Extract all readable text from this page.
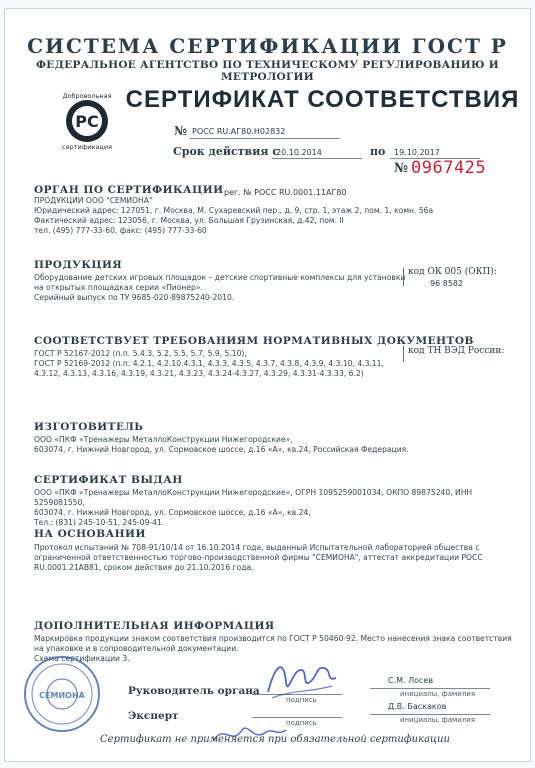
СИСТЕМА СЕРТИФИКАЦИИ ГОСТ Р
ФЕДЕРАЛЬНОЕ АГЕНТСТВО ПО ТЕХНИЧЕСКОМУ РЕГУЛИРОВАНИЮ И МЕТРОЛОГИИ
РС
Добровольная
сертификация
СЕРТИФИКАТ СООТВЕТСТВИЯ
№ РОСС RU.АГ80.Н02832
Срок действия с
20.10.2014	по 19.10.2017
№ 0967425
ОРГАН ПО СЕРТИФИКАЦИИ рег. № РОСС RU.0001.11АГ80
ПРОДУКЦИИ ООО "СЕМИОНА"
Юридический адрес: 127051, г. Москва, М. Сухаревский пер., д. 9, стр. 1, этаж 2, пом. 1, комн. 56а
Фактический адрес: 123056, г. Москва, ул. Большая Грузинская, д.42, пом. II
тел. (495) 777-33-60, факс: (495) 777-33-60
ПРОДУКЦИЯ
Оборудование детских игровых площадок – детские спортивные комплексы для установки
на открытых площадках серии «Пионер».
Серийный выпуск по ТУ 9685-020-89875240-2010.
код ОК 005 (ОКП):
96 8582
СООТВЕТСТВУЕТ ТРЕБОВАНИЯМ НОРМАТИВНЫХ ДОКУМЕНТОВ
ГОСТ Р 52167-2012 (п.п. 5.4.3, 5.2, 5.5, 5.7, 5.9, 5.10),
ГОСТ Р 52169-2012 (п.п. 4.2.1, 4.2.10,4.3.1, 4.3.3, 4.3.5, 4.3.7, 4.3.8, 4.3.9, 4.3.10, 4.3.11,
4.3.12, 4.3.13, 4.3.16, 4.3.19, 4.3.21, 4.3.23, 4.3.24-4.3.27, 4.3.29, 4.3.31-4.3.33, 6.2)
код ТН ВЭД России:
ИЗГОТОВИТЕЛЬ
ООО «ПКФ «Тренажеры МеталлоКонструкции Нижегородские»,
603074, г. Нижний Новгород, ул. Сормовское шоссе, д.16 «А», кв.24, Российская Федерация.
СЕРТИФИКАТ ВЫДАН
ООО «ПКФ «Тренажеры МеталлоКонструкции Нижегородские», ОГРН 1095259001034, ОКПО 89875240, ИНН
5259081550,
603074, г. Нижний Новгород, ул. Сормовское шоссе, д.16 «А», кв.24,
Тел.: (831) 245-10-51, 245-09-41.
НА ОСНОВАНИИ
Протокол испытаний № 708-91/10/14 от 16.10.2014 года, выданный Испытательной лабораторией общества с
ограниченной ответственностью торгово-производственной фирмы "СЕМИОНА", аттестат аккредитации РОСС
RU.0001.21АВ81, сроком действия до 21.10.2016 года.
ДОПОЛНИТЕЛЬНАЯ ИНФОРМАЦИЯ
Маркировка продукции знаком соответствия производится по ГОСТ Р 50460-92. Место нанесения знака соответствия
на упаковке и в сопроводительной документации.
Схема сертификации 3.
СЕМИОНА	Руководитель органа
подпись
С.М. Лосев
инициалы, фамилия
Эксперт
подпись
Д.В. Баскаков
инициалы, фамилия
Сертификат не применяется при обязательной сертификации
